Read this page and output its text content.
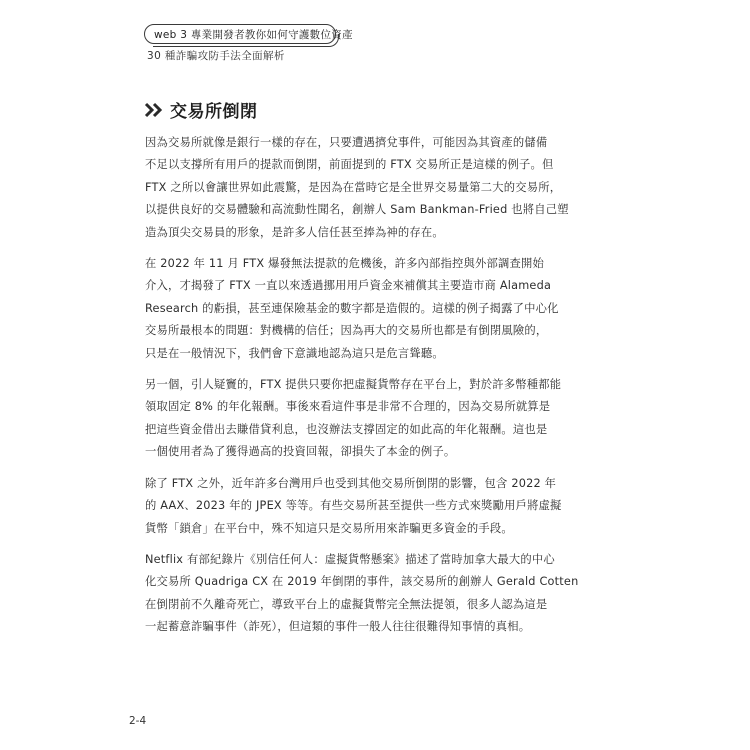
web 3 專業開發者教你如何守護數位資產
30 種詐騙攻防手法全面解析
交易所倒閉
因為交易所就像是銀行一樣的存在，只要遭遇擠兌事件，可能因為其資產的儲備
不足以支撐所有用戶的提款而倒閉，前面提到的 FTX 交易所正是這樣的例子。但
FTX 之所以會讓世界如此震驚，是因為在當時它是全世界交易量第二大的交易所，
以提供良好的交易體驗和高流動性聞名，創辦人 Sam Bankman-Fried 也將自己塑
造為頂尖交易員的形象，是許多人信任甚至捧為神的存在。
在 2022 年 11 月 FTX 爆發無法提款的危機後，許多內部指控與外部調查開始
介入，才揭發了 FTX 一直以來透過挪用用戶資金來補償其主要造市商 Alameda
Research 的虧損，甚至連保險基金的數字都是造假的。這樣的例子揭露了中心化
交易所最根本的問題：對機構的信任；因為再大的交易所也都是有倒閉風險的，
只是在一般情況下，我們會下意識地認為這只是危言聳聽。
另一個，引人疑竇的，FTX 提供只要你把虛擬貨幣存在平台上，對於許多幣種都能
領取固定 8% 的年化報酬。事後來看這件事是非常不合理的，因為交易所就算是
把這些資金借出去賺借貸利息，也沒辦法支撐固定的如此高的年化報酬。這也是
一個使用者為了獲得過高的投資回報，卻損失了本金的例子。
除了 FTX 之外，近年許多台灣用戶也受到其他交易所倒閉的影響，包含 2022 年
的 AAX、2023 年的 JPEX 等等。有些交易所甚至提供一些方式來獎勵用戶將虛擬
貨幣「鎖倉」在平台中，殊不知這只是交易所用來詐騙更多資金的手段。
Netflix 有部紀錄片《別信任何人：虛擬貨幣懸案》描述了當時加拿大最大的中心
化交易所 Quadriga CX 在 2019 年倒閉的事件，該交易所的創辦人 Gerald Cotten
在倒閉前不久離奇死亡，導致平台上的虛擬貨幣完全無法提領，很多人認為這是
一起蓄意詐騙事件（詐死），但這類的事件一般人往往很難得知事情的真相。
2-4
